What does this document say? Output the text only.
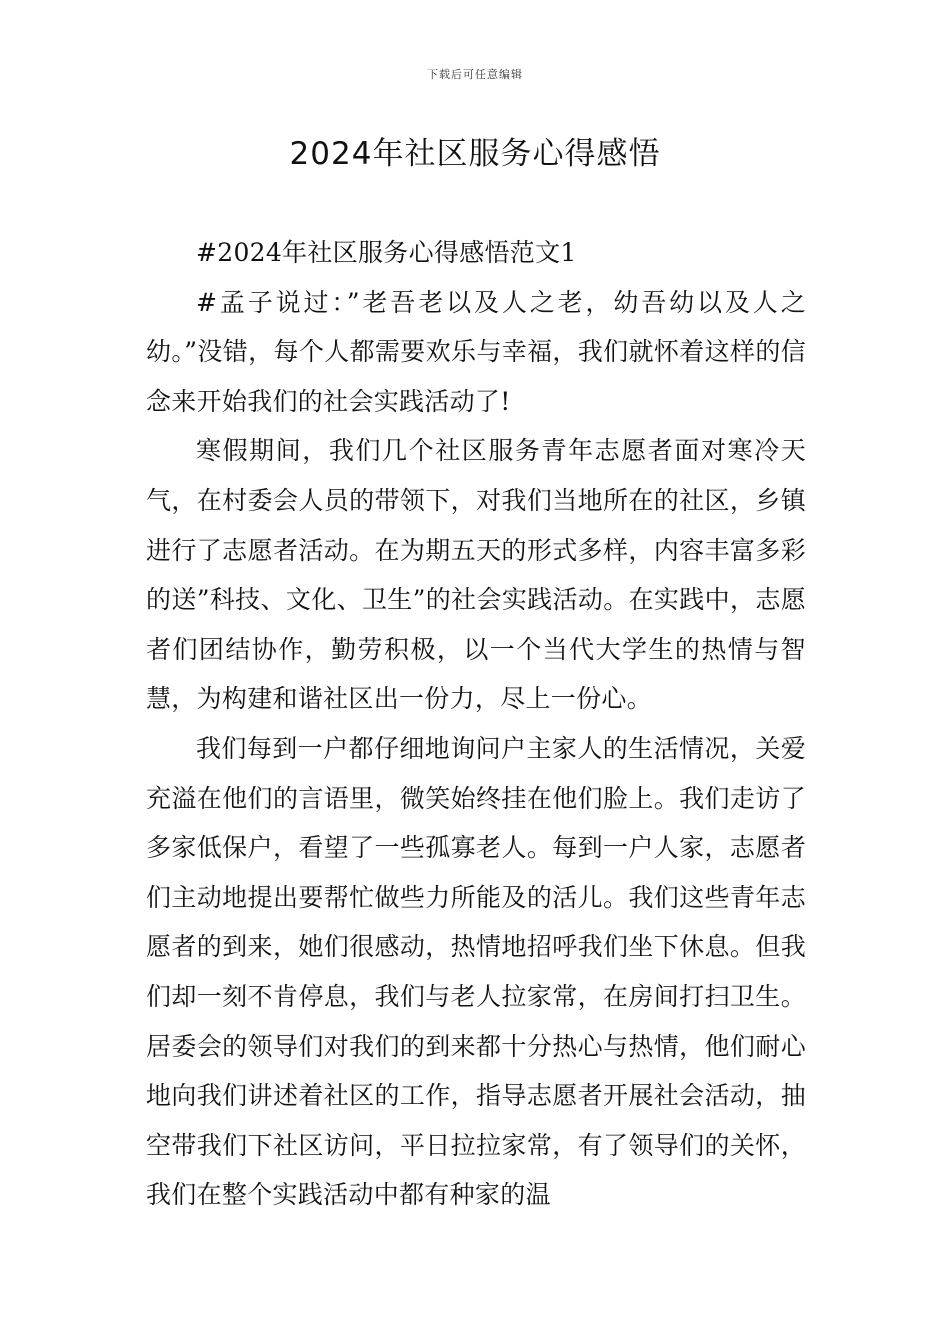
下载后可任意编辑
2024年社区服务心得感悟

#2024年社区服务心得感悟范文1

#孟子说过：”老吾老以及人之老，幼吾幼以及人之幼。”没错，每个人都需要欢乐与幸福，我们就怀着这样的信念来开始我们的社会实践活动了!

寒假期间，我们几个社区服务青年志愿者面对寒冷天气，在村委会人员的带领下，对我们当地所在的社区，乡镇进行了志愿者活动。在为期五天的形式多样，内容丰富多彩的送”科技、文化、卫生”的社会实践活动。在实践中，志愿者们团结协作，勤劳积极，以一个当代大学生的热情与智慧，为构建和谐社区出一份力，尽上一份心。

我们每到一户都仔细地询问户主家人的生活情况，关爱充溢在他们的言语里，微笑始终挂在他们脸上。我们走访了多家低保户，看望了一些孤寡老人。每到一户人家，志愿者们主动地提出要帮忙做些力所能及的活儿。我们这些青年志愿者的到来，她们很感动，热情地招呼我们坐下休息。但我们却一刻不肯停息，我们与老人拉家常，在房间打扫卫生。居委会的领导们对我们的到来都十分热心与热情，他们耐心地向我们讲述着社区的工作，指导志愿者开展社会活动，抽空带我们下社区访问，平日拉拉家常，有了领导们的关怀，我们在整个实践活动中都有种家的温
